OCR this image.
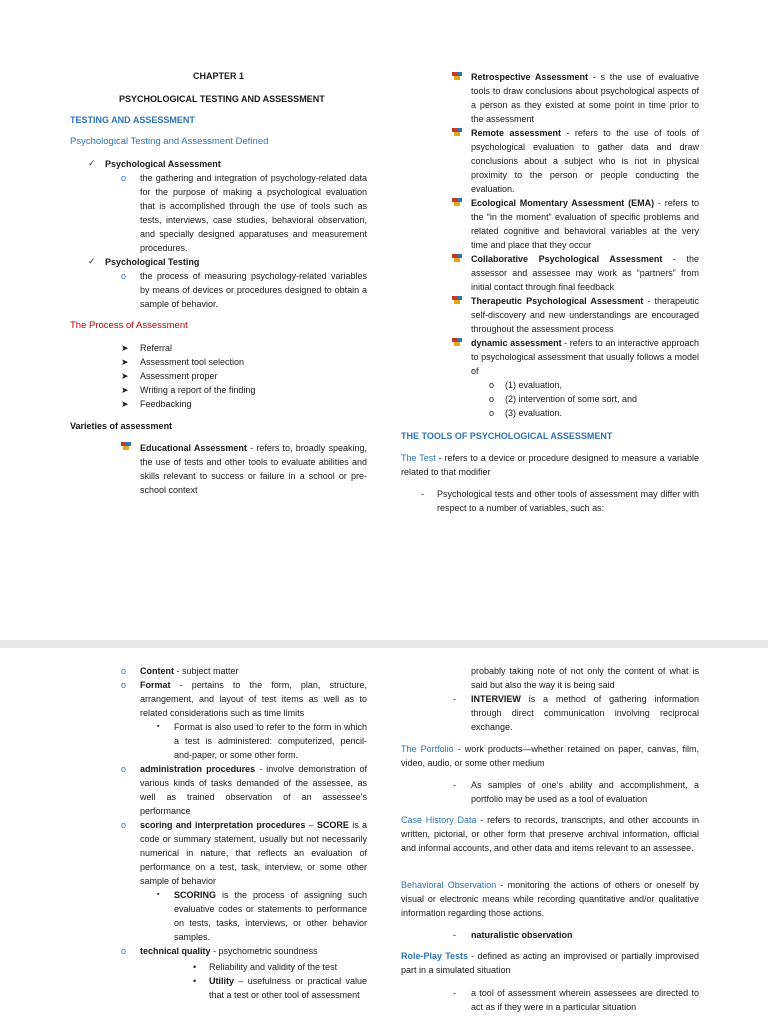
CHAPTER 1
PSYCHOLOGICAL TESTING AND ASSESSMENT
TESTING AND ASSESSMENT
Psychological Testing and Assessment Defined
✓ Psychological Assessment
o the gathering and integration of psychology-related data for the purpose of making a psychological evaluation that is accomplished through the use of tools such as tests, interviews, case studies, behavioral observation, and specially designed apparatuses and measurement procedures.
✓ Psychological Testing
o the process of measuring psychology-related variables by means of devices or procedures designed to obtain a sample of behavior.
The Process of Assessment
➤ Referral
➤ Assessment tool selection
➤ Assessment proper
➤ Writing a report of the finding
➤ Feedbacking
Varieties of assessment
Educational Assessment - refers to, broadly speaking, the use of tests and other tools to evaluate abilities and skills relevant to success or failure in a school or pre-school context
Retrospective Assessment - s the use of evaluative tools to draw conclusions about psychological aspects of a person as they existed at some point in time prior to the assessment
Remote assessment - refers to the use of tools of psychological evaluation to gather data and draw conclusions about a subject who is not in physical proximity to the person or people conducting the evaluation.
Ecological Momentary Assessment (EMA) - refers to the “in the moment” evaluation of specific problems and related cognitive and behavioral variables at the very time and place that they occur
Collaborative Psychological Assessment - the assessor and assessee may work as “partners” from initial contact through final feedback
Therapeutic Psychological Assessment - therapeutic self-discovery and new understandings are encouraged throughout the assessment process
dynamic assessment - refers to an interactive approach to psychological assessment that usually follows a model of
o (1) evaluation,
o (2) intervention of some sort, and
o (3) evaluation.
THE TOOLS OF PSYCHOLOGICAL ASSESSMENT
The Test - refers to a device or procedure designed to measure a variable related to that modifier
- Psychological tests and other tools of assessment may differ with respect to a number of variables, such as:
o Content - subject matter
o Format - pertains to the form, plan, structure, arrangement, and layout of test items as well as to related considerations such as time limits
▪ Format is also used to refer to the form in which a test is administered: computerized, pencil-and-paper, or some other form.
o administration procedures - involve demonstration of various kinds of tasks demanded of the assessee, as well as trained observation of an assessee’s performance
o scoring and interpretation procedures – SCORE is a code or summary statement, usually but not necessarily numerical in nature, that reflects an evaluation of performance on a test, task, interview, or some other sample of behavior
▪ SCORING is the process of assigning such evaluative codes or statements to performance on tests, tasks, interviews, or other behavior samples.
o technical quality - psychometric soundness
• Reliability and validity of the test
• Utility – usefulness or practical value that a test or other tool of assessment
probably taking note of not only the content of what is said but also the way it is being said
- INTERVIEW is a method of gathering information through direct communication involving reciprocal exchange.
The Portfolio - work products—whether retained on paper, canvas, film, video, audio, or some other medium
- As samples of one’s ability and accomplishment, a portfolio may be used as a tool of evaluation
Case History Data - refers to records, transcripts, and other accounts in written, pictorial, or other form that preserve archival information, official and informal accounts, and other data and items relevant to an assessee.
Behavioral Observation - monitoring the actions of others or oneself by visual or electronic means while recording quantitative and/or qualitative information regarding those actions.
- naturalistic observation
Role-Play Tests - defined as acting an improvised or partially improvised part in a simulated situation
- a tool of assessment wherein assessees are directed to act as if they were in a particular situation
